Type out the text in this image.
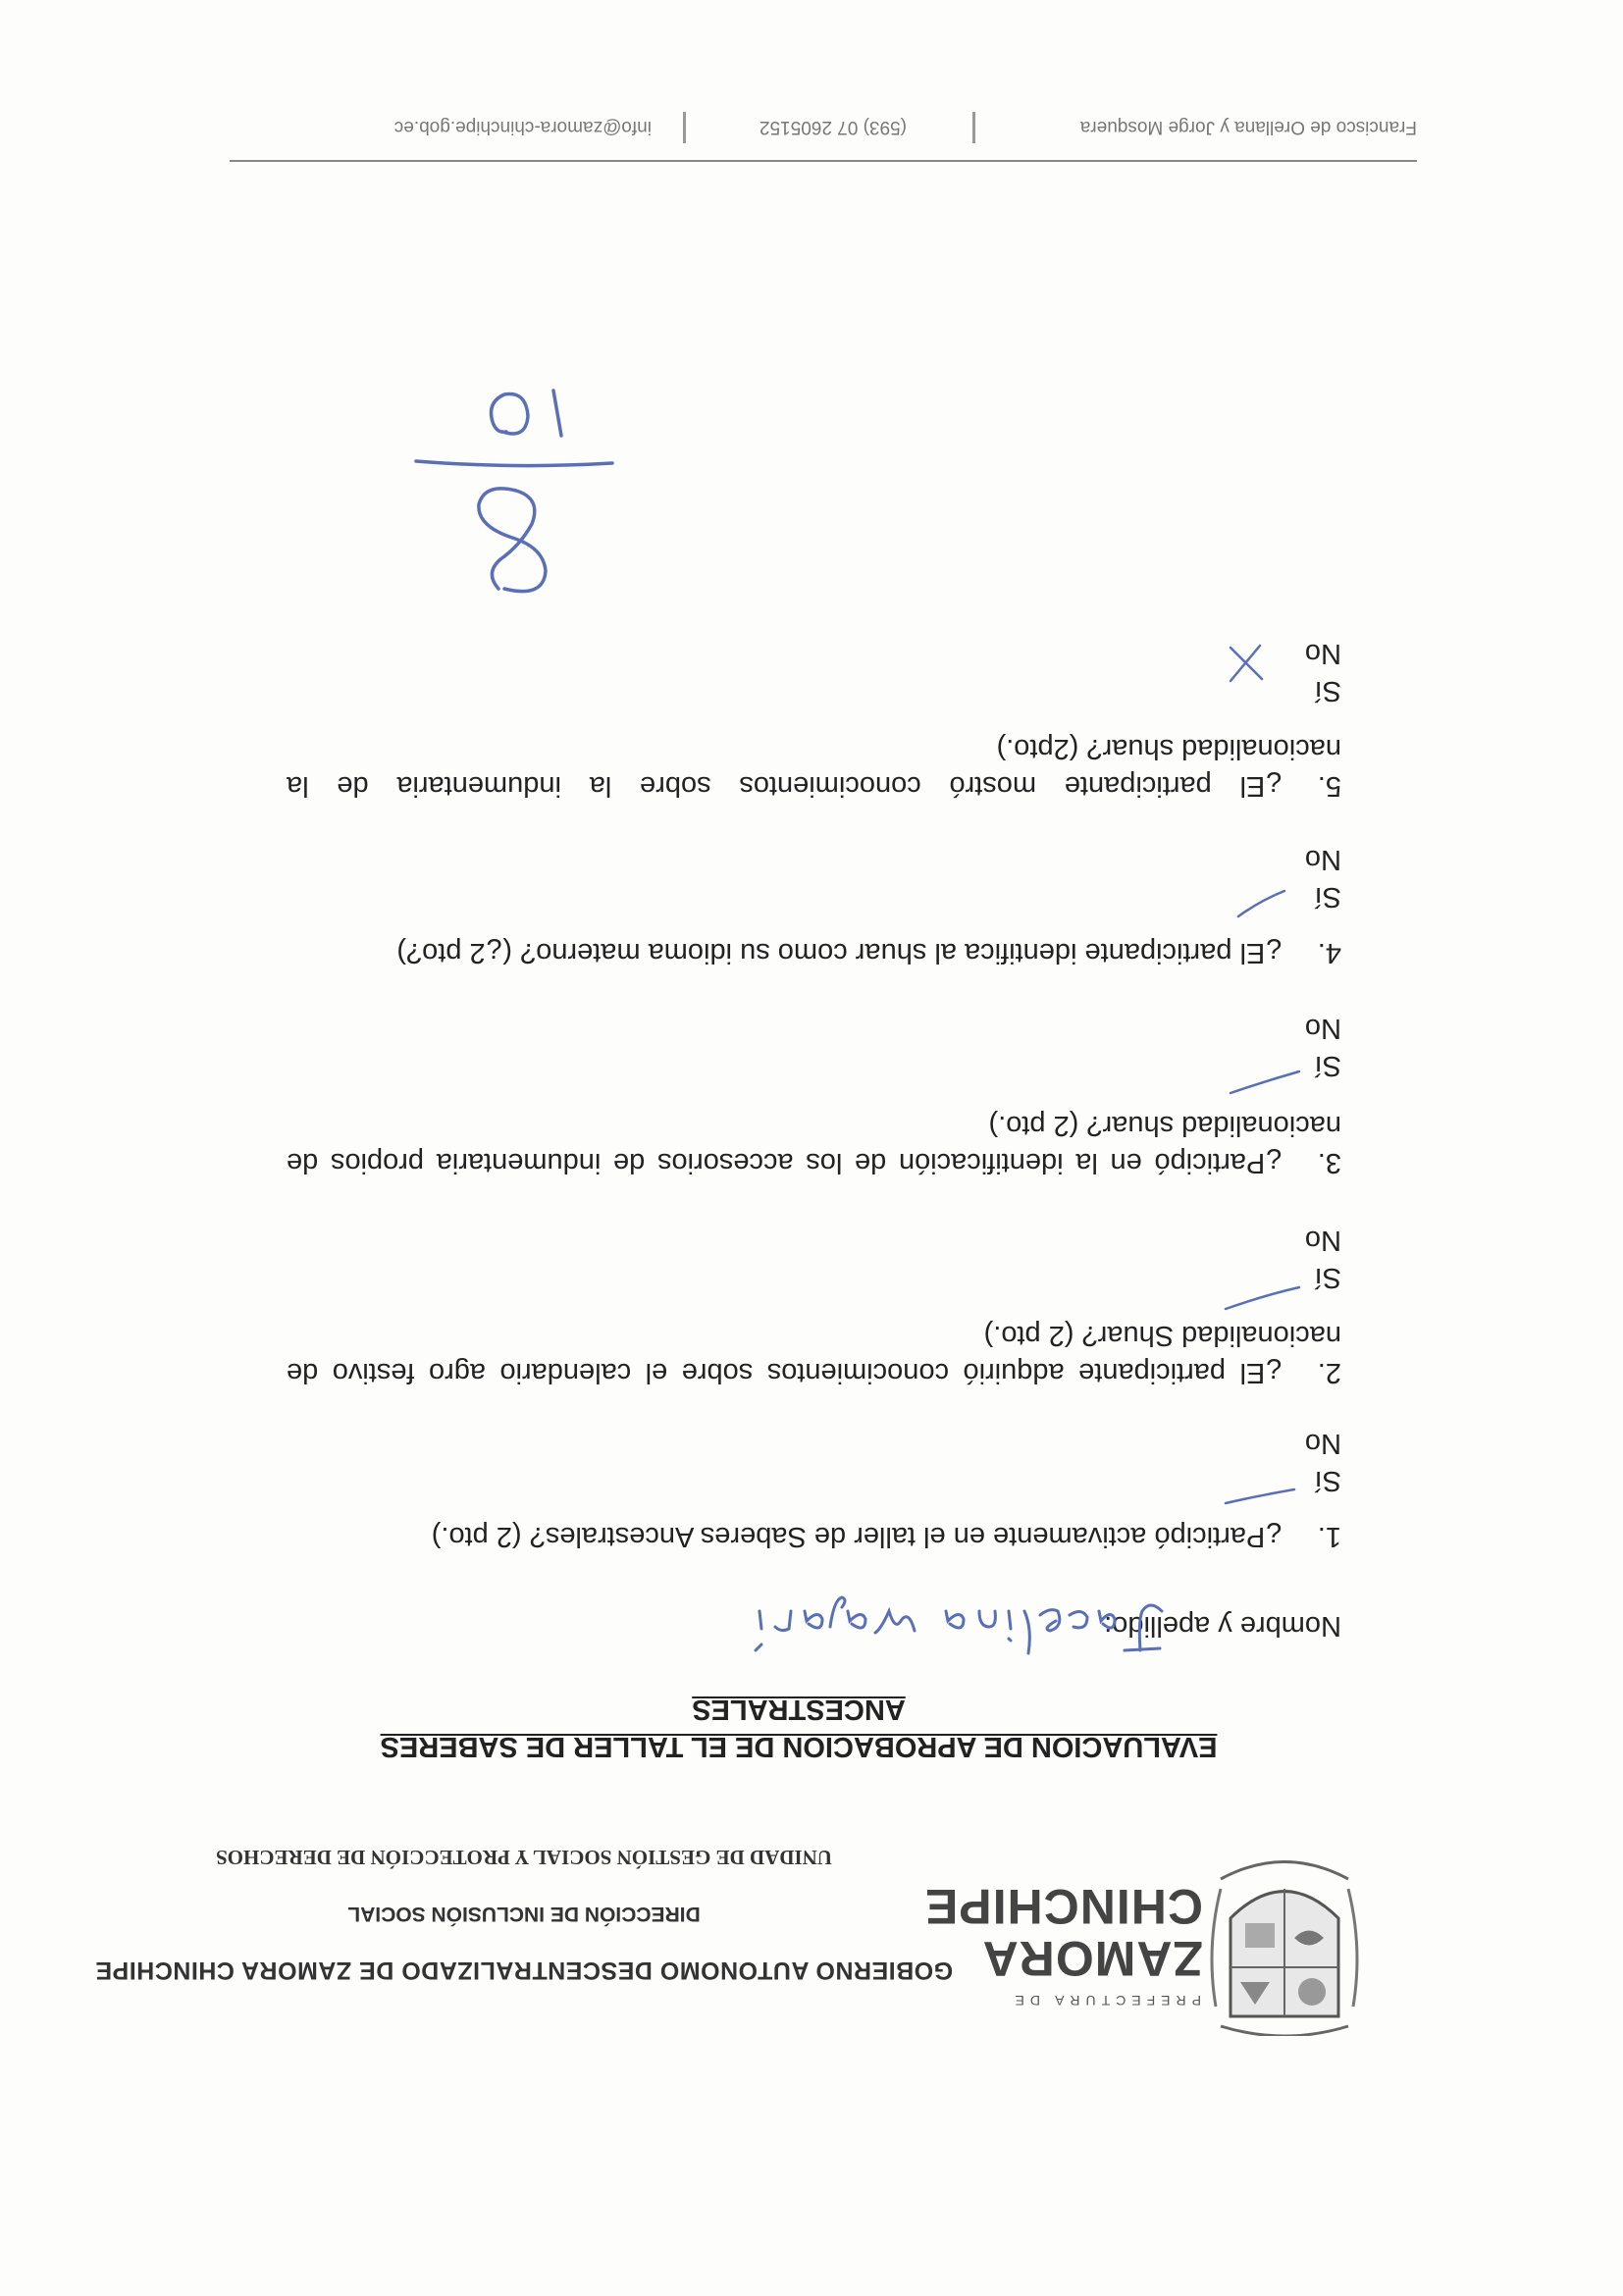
PREFECTURA DE
ZAMORA
CHINCHIPE
GOBIERNO AUTONOMO DESCENTRALIZADO DE ZAMORA CHINCHIPE
DIRECCIÓN DE INCLUSIÓN SOCIAL
UNIDAD DE GESTIÓN SOCIAL Y PROTECCIÓN DE DERECHOS
EVALUACION DE APROBACION DE EL TALLER DE SABERES
ANCESTRALES
Nombre y apellido:
1.¿Participó activamente en el taller de Saberes Ancestrales? (2 pto.)
Sí
No
2.¿El participante adquirió conocimientos sobre el calendario agro festivo de nacionalidad Shuar? (2 pto.)
Sí
No
3.¿Participó en la identificación de los accesorios de indumentaria propios de nacionalidad shuar? (2 pto.)
Sí
No
4.¿El participante identifica al shuar como su idioma materno? (¿2 pto?)
Sí
No
5.¿El participante mostró conocimientos sobre la indumentaria de la nacionalidad shuar? (2pto.)
Sí
No
Francisco de Orellana y Jorge Mosquera
(593) 07 2605152
info@zamora-chinchipe.gob.ec
